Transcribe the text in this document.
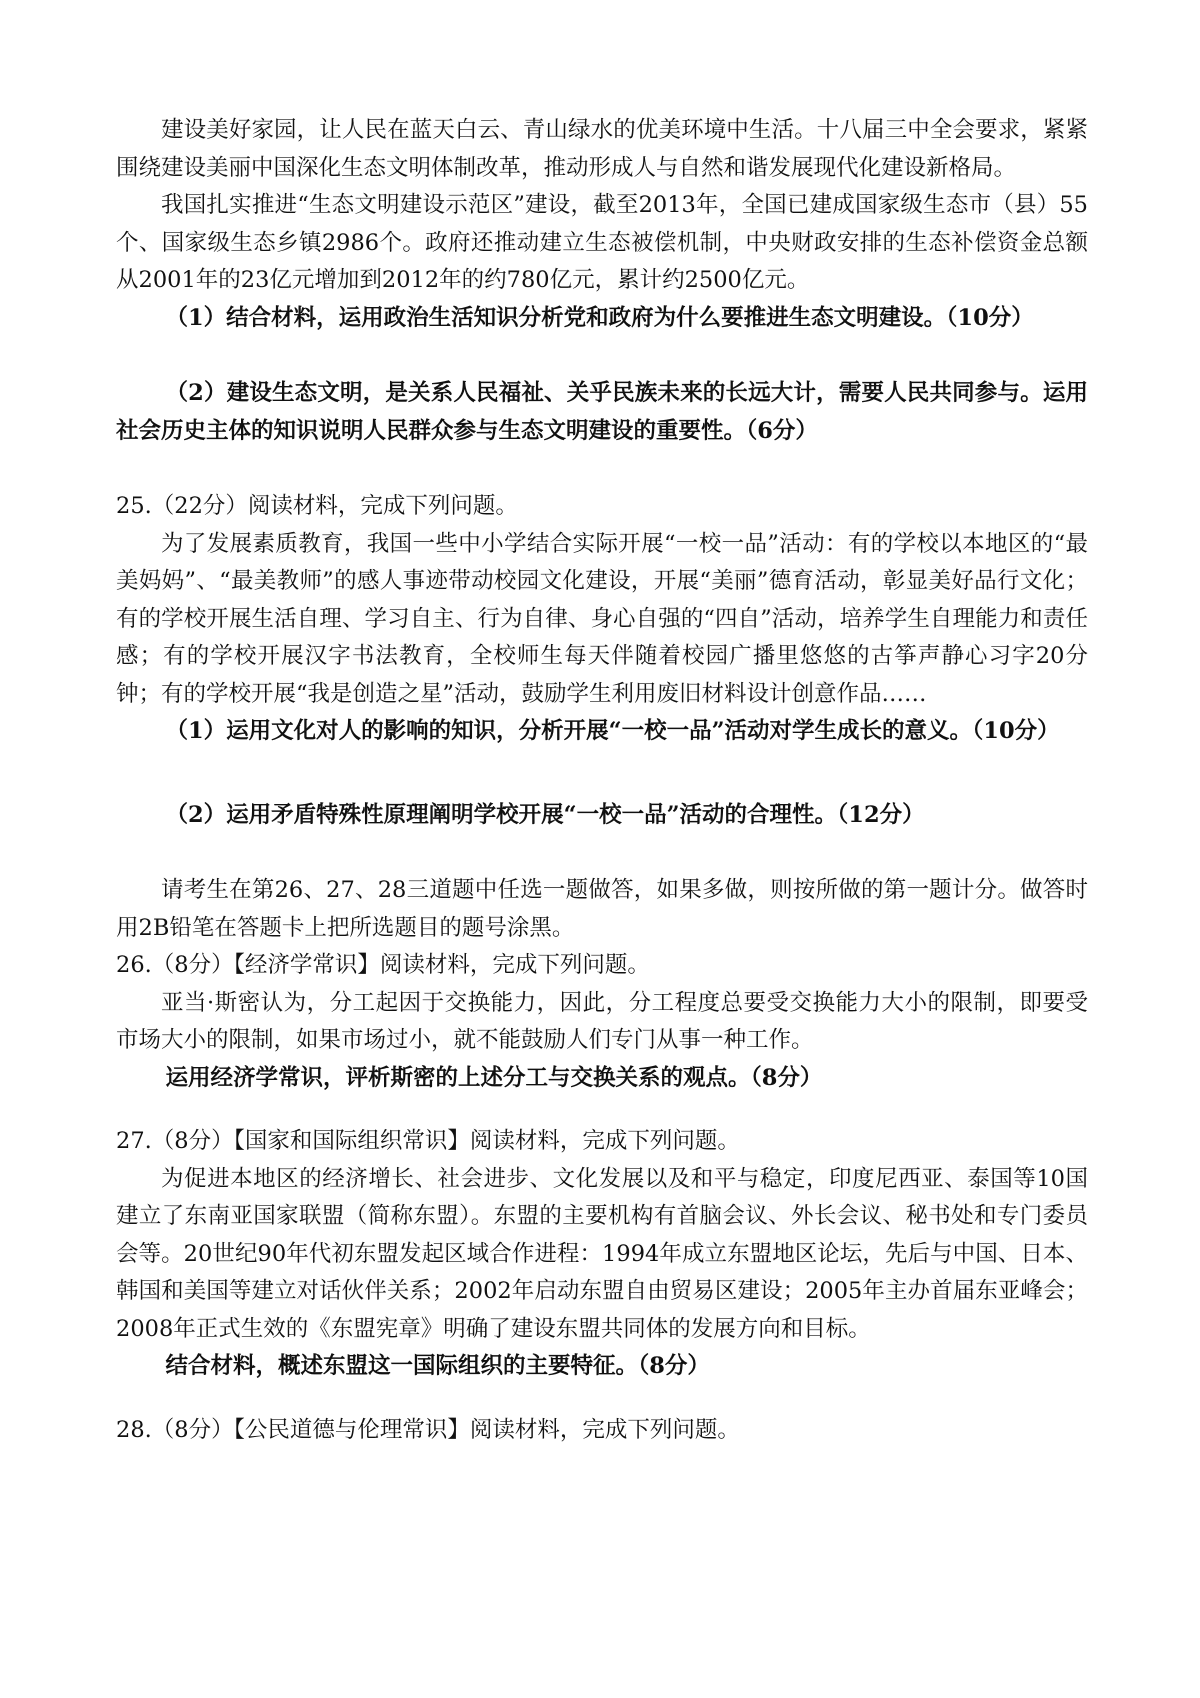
建设美好家园，让人民在蓝天白云、青山绿水的优美环境中生活。十八届三中全会要求，紧紧围绕建设美丽中国深化生态文明体制改革，推动形成人与自然和谐发展现代化建设新格局。

我国扎实推进“生态文明建设示范区”建设，截至2013年，全国已建成国家级生态市（县）55个、国家级生态乡镇2986个。政府还推动建立生态被偿机制，中央财政安排的生态补偿资金总额从2001年的23亿元增加到2012年的约780亿元，累计约2500亿元。

（1）结合材料，运用政治生活知识分析党和政府为什么要推进生态文明建设。（10分）

（2）建设生态文明，是关系人民福祉、关乎民族未来的长远大计，需要人民共同参与。运用社会历史主体的知识说明人民群众参与生态文明建设的重要性。（6分）

25.（22分）阅读材料，完成下列问题。

为了发展素质教育，我国一些中小学结合实际开展“一校一品”活动：有的学校以本地区的“最美妈妈”、“最美教师”的感人事迹带动校园文化建设，开展“美丽”德育活动，彰显美好品行文化；有的学校开展生活自理、学习自主、行为自律、身心自强的“四自”活动，培养学生自理能力和责任感；有的学校开展汉字书法教育，全校师生每天伴随着校园广播里悠悠的古筝声静心习字20分钟；有的学校开展“我是创造之星”活动，鼓励学生利用废旧材料设计创意作品……

（1）运用文化对人的影响的知识，分析开展“一校一品”活动对学生成长的意义。（10分）

（2）运用矛盾特殊性原理阐明学校开展“一校一品”活动的合理性。（12分）

请考生在第26、27、28三道题中任选一题做答，如果多做，则按所做的第一题计分。做答时用2B铅笔在答题卡上把所选题目的题号涂黑。

26.（8分）【经济学常识】阅读材料，完成下列问题。

亚当·斯密认为，分工起因于交换能力，因此，分工程度总要受交换能力大小的限制，即要受市场大小的限制，如果市场过小，就不能鼓励人们专门从事一种工作。

运用经济学常识，评析斯密的上述分工与交换关系的观点。（8分）

27.（8分）【国家和国际组织常识】阅读材料，完成下列问题。

为促进本地区的经济增长、社会进步、文化发展以及和平与稳定，印度尼西亚、泰国等10国建立了东南亚国家联盟（简称东盟）。东盟的主要机构有首脑会议、外长会议、秘书处和专门委员会等。20世纪90年代初东盟发起区域合作进程：1994年成立东盟地区论坛，先后与中国、日本、韩国和美国等建立对话伙伴关系；2002年启动东盟自由贸易区建设；2005年主办首届东亚峰会；2008年正式生效的《东盟宪章》明确了建设东盟共同体的发展方向和目标。

结合材料，概述东盟这一国际组织的主要特征。（8分）

28.（8分）【公民道德与伦理常识】阅读材料，完成下列问题。
